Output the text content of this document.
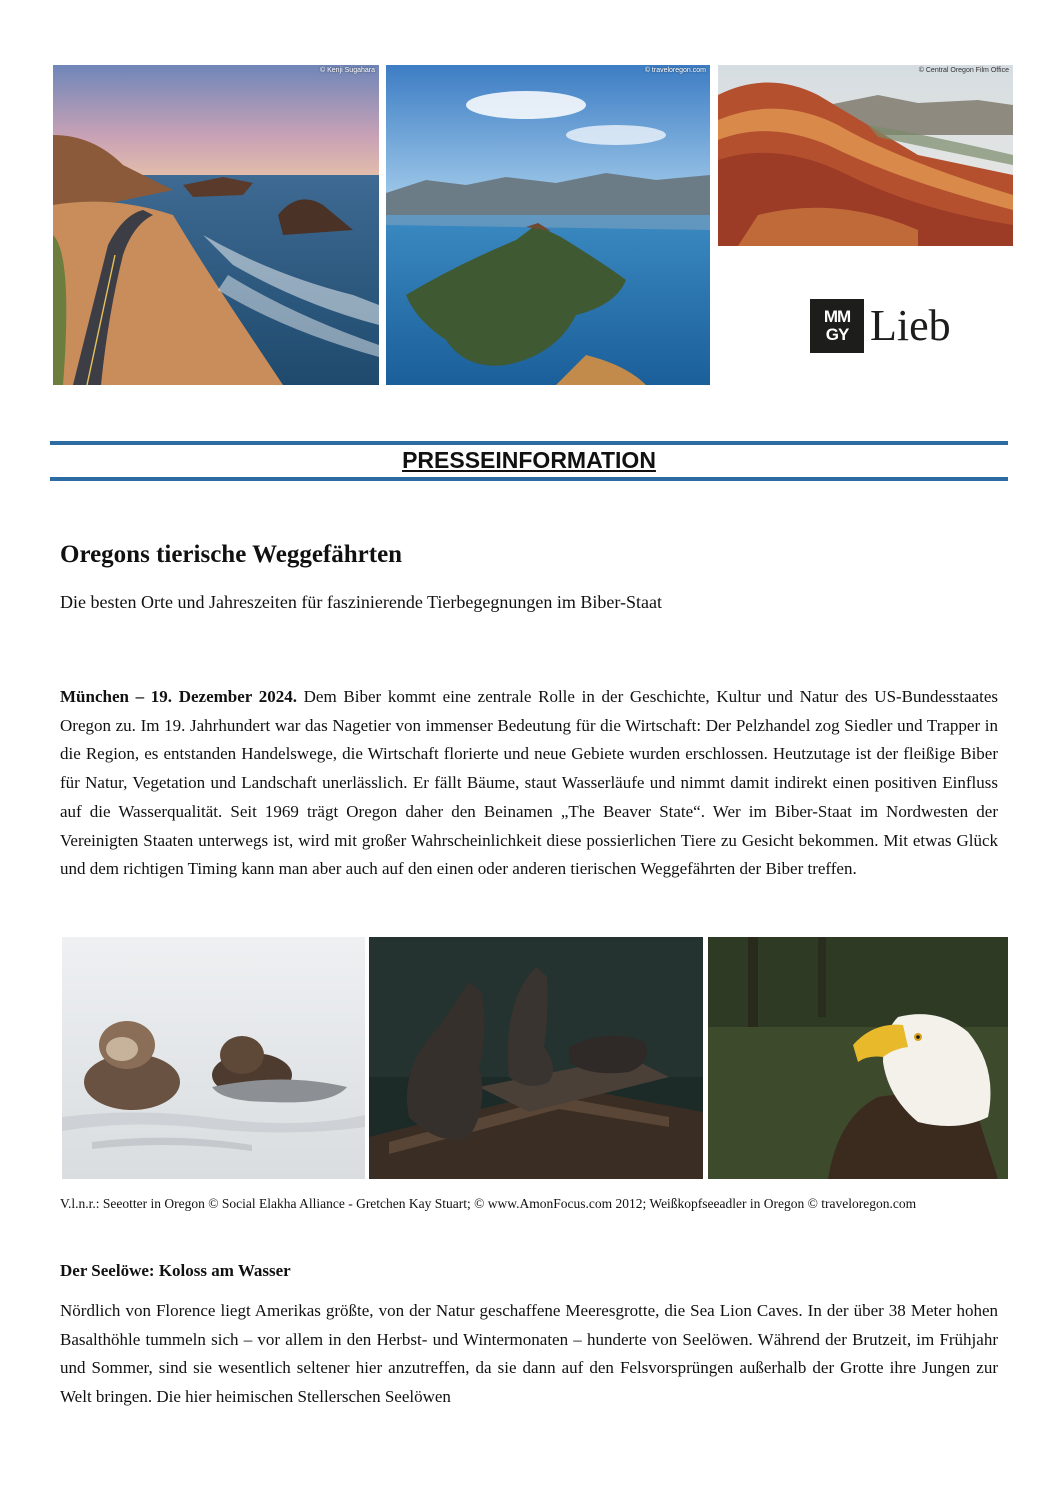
© Kenji Sugahara	© traveloregon.com	© Central Oregon Film Office
MM
GY Lieb
PRESSEINFORMATION
Oregons tierische Weggefährten

Die besten Orte und Jahreszeiten für faszinierende Tierbegegnungen im Biber-Staat

München – 19. Dezember 2024. Dem Biber kommt eine zentrale Rolle in der Geschichte, Kultur und Natur des US-Bundesstaates Oregon zu. Im 19. Jahrhundert war das Nagetier von immenser Bedeutung für die Wirtschaft: Der Pelzhandel zog Siedler und Trapper in die Region, es entstanden Handelswege, die Wirtschaft florierte und neue Gebiete wurden erschlossen. Heutzutage ist der fleißige Biber für Natur, Vegetation und Landschaft unerlässlich. Er fällt Bäume, staut Wasserläufe und nimmt damit indirekt einen positiven Einfluss auf die Wasserqualität. Seit 1969 trägt Oregon daher den Beinamen „The Beaver State“. Wer im Biber-Staat im Nordwesten der Vereinigten Staaten unterwegs ist, wird mit großer Wahrscheinlichkeit diese possierlichen Tiere zu Gesicht bekommen. Mit etwas Glück und dem richtigen Timing kann man aber auch auf den einen oder anderen tierischen Weggefährten der Biber treffen.

V.l.n.r.: Seeotter in Oregon © Social Elakha Alliance - Gretchen Kay Stuart; © www.AmonFocus.com 2012; Weißkopfseeadler in Oregon © traveloregon.com

Der Seelöwe: Koloss am Wasser

Nördlich von Florence liegt Amerikas größte, von der Natur geschaffene Meeresgrotte, die Sea Lion Caves. In der über 38 Meter hohen Basalthöhle tummeln sich – vor allem in den Herbst- und Wintermonaten – hunderte von Seelöwen. Während der Brutzeit, im Frühjahr und Sommer, sind sie wesentlich seltener hier anzutreffen, da sie dann auf den Felsvorsprüngen außerhalb der Grotte ihre Jungen zur Welt bringen. Die hier heimischen Stellerschen Seelöwen
